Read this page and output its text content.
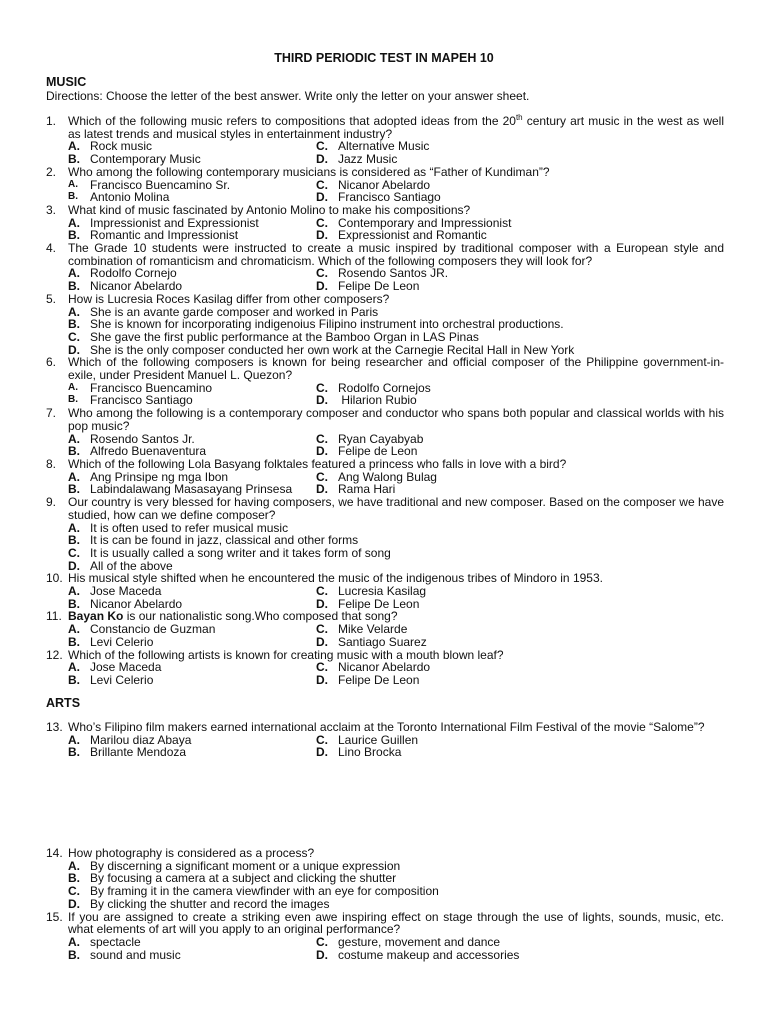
THIRD PERIODIC TEST IN MAPEH 10
MUSIC
Directions: Choose the letter of the best answer. Write only the letter on your answer sheet.
1. Which of the following music refers to compositions that adopted ideas from the 20th century art music in the west as well as latest trends and musical styles in entertainment industry?
A. Rock music	C. Alternative Music
B. Contemporary Music	D. Jazz Music
2. Who among the following contemporary musicians is considered as “Father of Kundiman”?
A.	Francisco Buencamino Sr.	C. Nicanor Abelardo
B.	Antonio Molina	D. Francisco Santiago
3. What kind of music fascinated by Antonio Molino to make his compositions?
A. Impressionist and Expressionist	C. Contemporary and Impressionist
B. Romantic and Impressionist	D. Expressionist and Romantic
4. The Grade 10 students were instructed to create a music inspired by traditional composer with a European style and combination of romanticism and chromaticism. Which of the following composers they will look for?
A. Rodolfo Cornejo	C. Rosendo Santos JR.
B. Nicanor Abelardo	D. Felipe De Leon
5. How is Lucresia Roces Kasilag differ from other composers?
A. She is an avante garde composer and worked in Paris
B. She is known for incorporating indigenoius Filipino instrument into orchestral productions.
C. She gave the first public performance at the Bamboo Organ in LAS Pinas
D. She is the only composer conducted her own work at the Carnegie Recital Hall in New York
6. Which of the following composers is known for being researcher and official composer of the Philippine government-in-exile, under President Manuel L. Quezon?
A.	Francisco Buencamino	C. Rodolfo Cornejos
B.	Francisco Santiago	D. Hilarion Rubio
7. Who among the following is a contemporary composer and conductor who spans both popular and classical worlds with his pop music?
A. Rosendo Santos Jr.	C. Ryan Cayabyab
B. Alfredo Buenaventura	D. Felipe de Leon
8. Which of the following Lola Basyang folktales featured a princess who falls in love with a bird?
A. Ang Prinsipe ng mga Ibon	C. Ang Walong Bulag
B. Labindalawang Masasayang Prinsesa D. Rama Hari
9. Our country is very blessed for having composers, we have traditional and new composer. Based on the composer we have studied, how can we define composer?
A. It is often used to refer musical music
B. It is can be found in jazz, classical and other forms
C. It is usually called a song writer and it takes form of song
D. All of the above
10. His musical style shifted when he encountered the music of the indigenous tribes of Mindoro in 1953.
A. Jose Maceda	C. Lucresia Kasilag
B. Nicanor Abelardo	D. Felipe De Leon
11. Bayan Ko is our nationalistic song.Who composed that song?
A. Constancio de Guzman	C. Mike Velarde
B. Levi Celerio	D. Santiago Suarez
12. Which of the following artists is known for creating music with a mouth blown leaf?
A. Jose Maceda	C. Nicanor Abelardo
B. Levi Celerio	D. Felipe De Leon
ARTS
13. Who’s Filipino film makers earned international acclaim at the Toronto International Film Festival of the movie “Salome”?
A. Marilou diaz Abaya	C. Laurice Guillen
B. Brillante Mendoza	D. Lino Brocka
14. How photography is considered as a process?
A. By discerning a significant moment or a unique expression
B. By focusing a camera at a subject and clicking the shutter
C. By framing it in the camera viewfinder with an eye for composition
D. By clicking the shutter and record the images
15. If you are assigned to create a striking even awe inspiring effect on stage through the use of lights, sounds, music, etc. what elements of art will you apply to an original performance?
A. spectacle	C. gesture, movement and dance
B. sound and music	D. costume makeup and accessories
